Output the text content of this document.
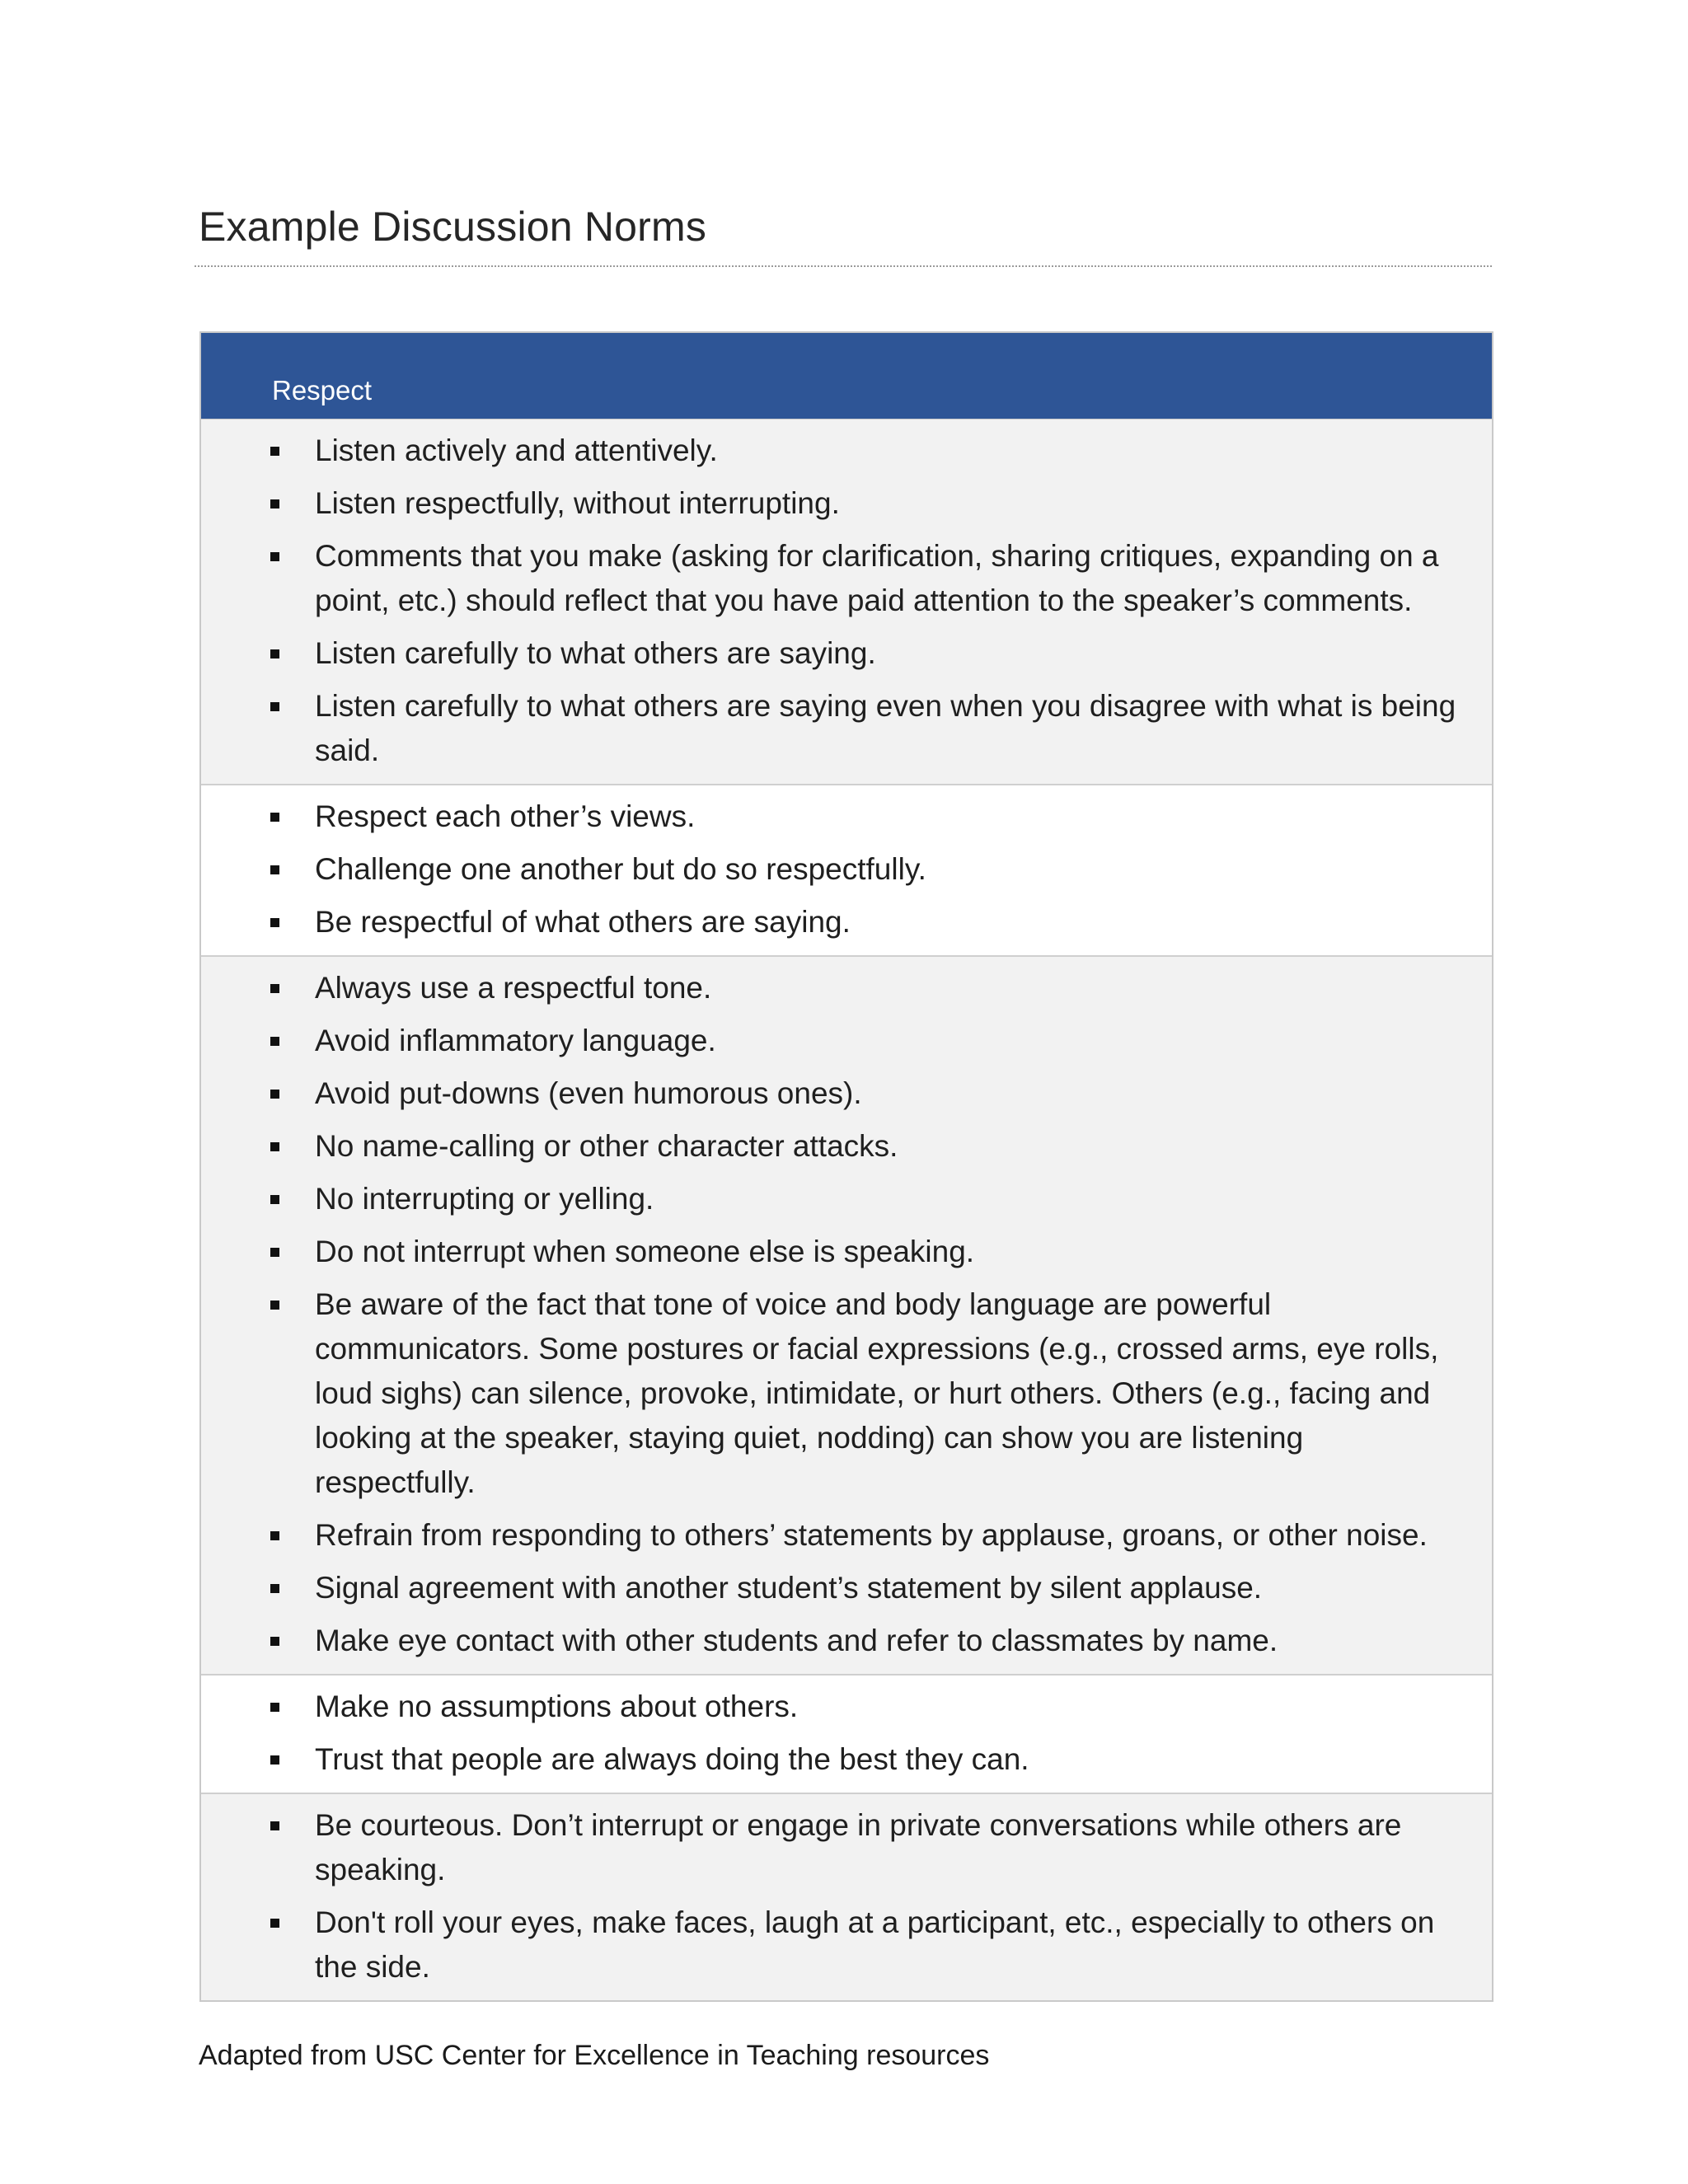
Example Discussion Norms
Respect
Listen actively and attentively.
Listen respectfully, without interrupting.
Comments that you make (asking for clarification, sharing critiques, expanding on a point, etc.) should reflect that you have paid attention to the speaker’s comments.
Listen carefully to what others are saying.
Listen carefully to what others are saying even when you disagree with what is being said.
Respect each other’s views.
Challenge one another but do so respectfully.
Be respectful of what others are saying.
Always use a respectful tone.
Avoid inflammatory language.
Avoid put-downs (even humorous ones).
No name-calling or other character attacks.
No interrupting or yelling.
Do not interrupt when someone else is speaking.
Be aware of the fact that tone of voice and body language are powerful communicators. Some postures or facial expressions (e.g., crossed arms, eye rolls, loud sighs) can silence, provoke, intimidate, or hurt others. Others (e.g., facing and looking at the speaker, staying quiet, nodding) can show you are listening respectfully.
Refrain from responding to others’ statements by applause, groans, or other noise.
Signal agreement with another student’s statement by silent applause.
Make eye contact with other students and refer to classmates by name.
Make no assumptions about others.
Trust that people are always doing the best they can.
Be courteous. Don’t interrupt or engage in private conversations while others are speaking.
Don't roll your eyes, make faces, laugh at a participant, etc., especially to others on the side.
Adapted from USC Center for Excellence in Teaching resources
